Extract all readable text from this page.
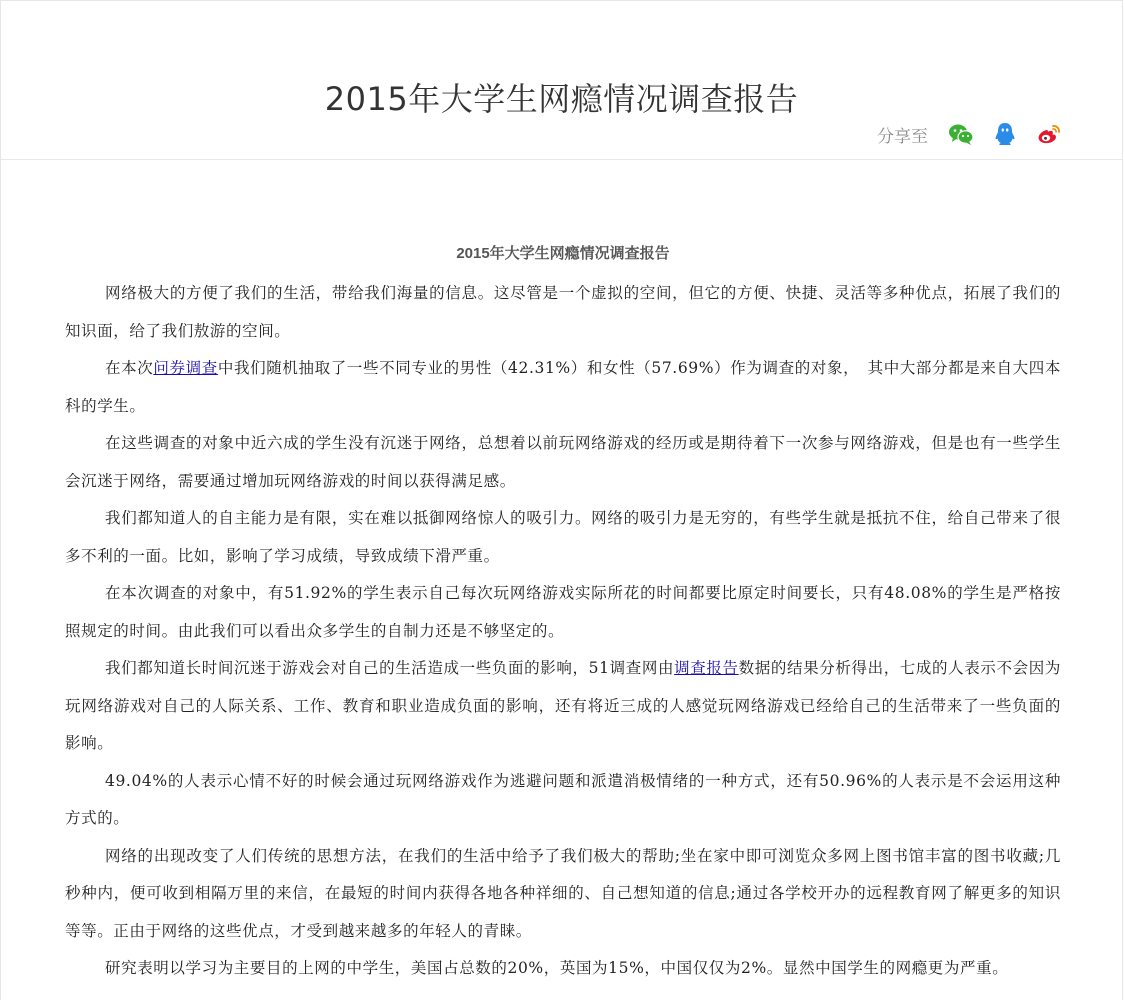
2015年大学生网瘾情况调查报告
分享至
2015年大学生网瘾情况调查报告

网络极大的方便了我们的生活，带给我们海量的信息。这尽管是一个虚拟的空间，但它的方便、快捷、灵活等多种优点，拓展了我们的知识面，给了我们敖游的空间。

在本次问券调查中我们随机抽取了一些不同专业的男性（42.31%）和女性（57.69%）作为调查的对象，　其中大部分都是来自大四本科的学生。

在这些调查的对象中近六成的学生没有沉迷于网络，总想着以前玩网络游戏的经历或是期待着下一次参与网络游戏，但是也有一些学生会沉迷于网络，需要通过增加玩网络游戏的时间以获得满足感。

我们都知道人的自主能力是有限，实在难以抵御网络惊人的吸引力。网络的吸引力是无穷的，有些学生就是抵抗不住，给自己带来了很多不利的一面。比如，影响了学习成绩，导致成绩下滑严重。

在本次调查的对象中，有51.92%的学生表示自己每次玩网络游戏实际所花的时间都要比原定时间要长，只有48.08%的学生是严格按照规定的时间。由此我们可以看出众多学生的自制力还是不够坚定的。

我们都知道长时间沉迷于游戏会对自己的生活造成一些负面的影响，51调查网由调查报告数据的结果分析得出，七成的人表示不会因为玩网络游戏对自己的人际关系、工作、教育和职业造成负面的影响，还有将近三成的人感觉玩网络游戏已经给自己的生活带来了一些负面的影响。

49.04%的人表示心情不好的时候会通过玩网络游戏作为逃避问题和派遣消极情绪的一种方式，还有50.96%的人表示是不会运用这种方式的。

网络的出现改变了人们传统的思想方法，在我们的生活中给予了我们极大的帮助;坐在家中即可浏览众多网上图书馆丰富的图书收藏;几秒种内，便可收到相隔万里的来信，在最短的时间内获得各地各种祥细的、自己想知道的信息;通过各学校开办的远程教育网了解更多的知识等等。正由于网络的这些优点，才受到越来越多的年轻人的青睐。

研究表明以学习为主要目的上网的中学生，美国占总数的20%，英国为15%，中国仅仅为2%。显然中国学生的网瘾更为严重。
